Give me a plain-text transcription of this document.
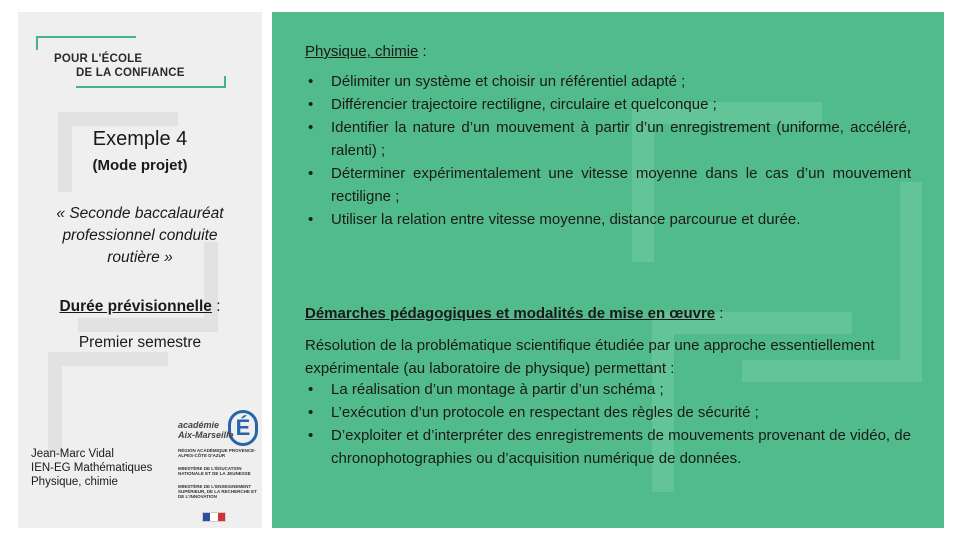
POUR L'ÉCOLE
DE LA CONFIANCE
Exemple 4
(Mode projet)
« Seconde baccalauréat professionnel conduite routière »
Durée prévisionnelle :
Premier semestre
Jean-Marc Vidal
IEN-EG Mathématiques
Physique, chimie
É
académie
Aix-Marseille
RÉGION ACADÉMIQUE PROVENCE-ALPES-CÔTE D'AZUR
MINISTÈRE DE L'ÉDUCATION NATIONALE ET DE LA JEUNESSE
MINISTÈRE DE L'ENSEIGNEMENT SUPÉRIEUR, DE LA RECHERCHE ET DE L'INNOVATION
Physique, chimie :
• Délimiter un système et choisir un référentiel adapté ;
• Différencier trajectoire rectiligne, circulaire et quelconque ;
• Identifier la nature d’un mouvement à partir d’un enregistrement (uniforme, accéléré, ralenti) ;
• Déterminer expérimentalement une vitesse moyenne dans le cas d’un mouvement rectiligne ;
• Utiliser la relation entre vitesse moyenne, distance parcourue et durée.
Démarches pédagogiques et modalités de mise en œuvre :
Résolution de la problématique scientifique étudiée par une approche essentiellement expérimentale (au laboratoire de physique) permettant :
• La réalisation d’un montage à partir d’un schéma ;
• L’exécution d’un protocole en respectant des règles de sécurité ;
• D’exploiter et d’interpréter des enregistrements de mouvements provenant de vidéo, de chronophotographies ou d’acquisition numérique de données.
